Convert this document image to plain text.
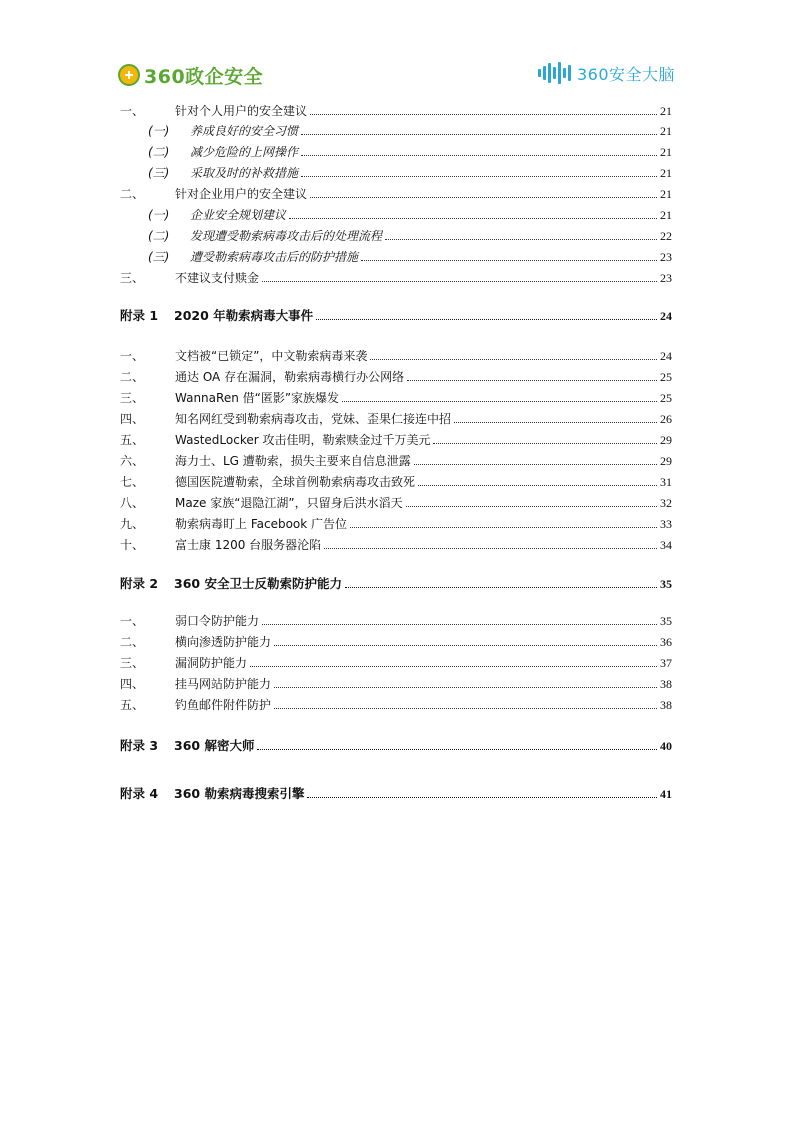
360政企安全	360安全大脑
一、	针对个人用户的安全建议	21
(一)	养成良好的安全习惯	21
(二)	减少危险的上网操作	21
(三)	采取及时的补救措施	21
二、	针对企业用户的安全建议	21
(一)	企业安全规划建议	21
(二)	发现遭受勒索病毒攻击后的处理流程	22
(三)	遭受勒索病毒攻击后的防护措施	23
三、	不建议支付赎金	23
附录 1	2020 年勒索病毒大事件	24
一、	文档被“已锁定”，中文勒索病毒来袭	24
二、	通达 OA 存在漏洞，勒索病毒横行办公网络	25
三、	WannaRen 借“匿影”家族爆发	25
四、	知名网红受到勒索病毒攻击，党妹、歪果仁接连中招	26
五、	WastedLocker 攻击佳明，勒索赎金过千万美元	29
六、	海力士、LG 遭勒索，损失主要来自信息泄露	29
七、	德国医院遭勒索，全球首例勒索病毒攻击致死	31
八、	Maze 家族“退隐江湖”，只留身后洪水滔天	32
九、	勒索病毒盯上 Facebook 广告位	33
十、	富士康 1200 台服务器沦陷	34
附录 2	360 安全卫士反勒索防护能力	35
一、	弱口令防护能力	35
二、	横向渗透防护能力	36
三、	漏洞防护能力	37
四、	挂马网站防护能力	38
五、	钓鱼邮件附件防护	38
附录 3	360 解密大师	40
附录 4	360 勒索病毒搜索引擎	41
